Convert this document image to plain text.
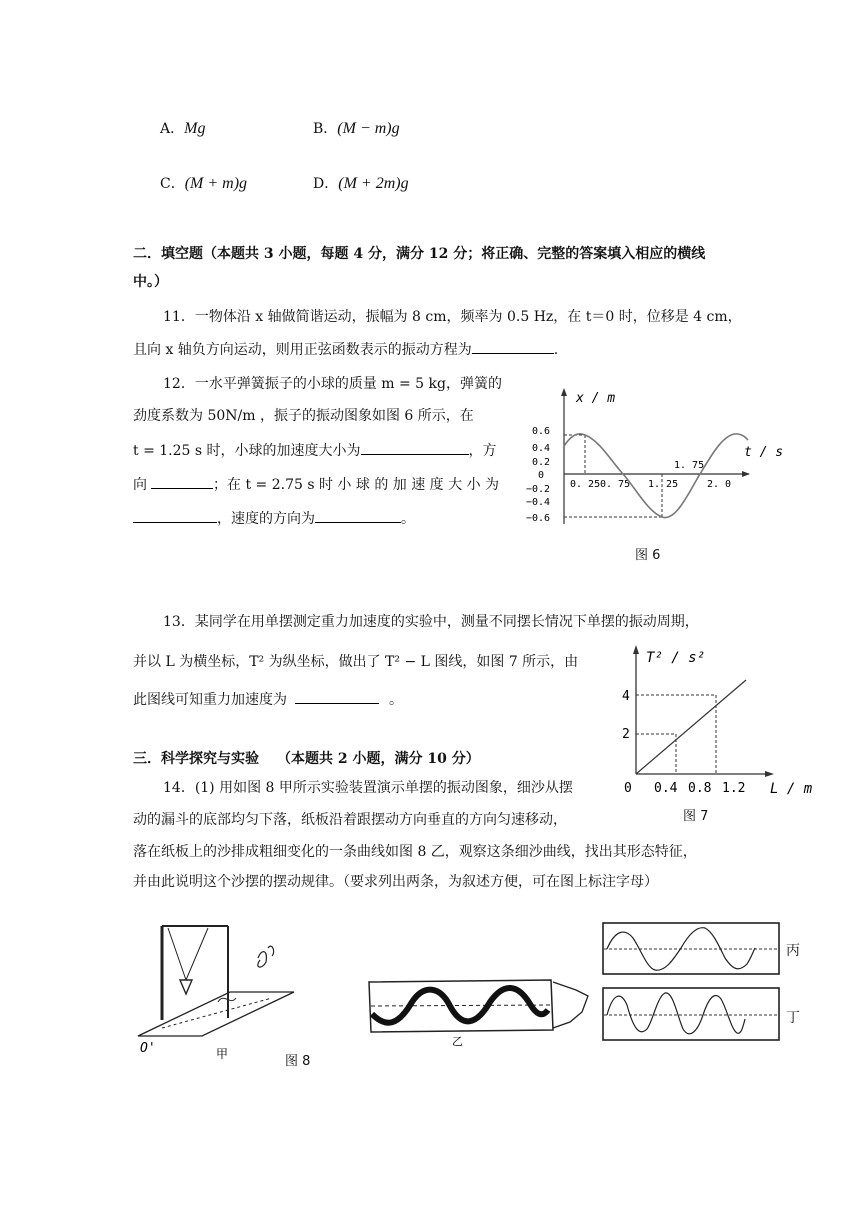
A．Mg	B．(M − m)g
C．(M + m)g	D．(M + 2m)g
二．填空题（本题共 3 小题，每题 4 分，满分 12 分；将正确、完整的答案填入相应的横线
中。）
11．一物体沿 x 轴做简谐运动，振幅为 8 cm，频率为 0.5 Hz，在 t＝0 时，位移是 4 cm，
且向 x 轴负方向运动，则用正弦函数表示的振动方程为	.
12．一水平弹簧振子的小球的质量 m = 5 kg，弹簧的
劲度系数为 50N/m ，振子的振动图象如图 6 所示，在
t = 1.25 s 时，小球的加速度大小为	，方
向	；在 t = 2.75 s 时 小 球 的 加 速 度 大 小 为
，速度的方向为	。
x / m
t / s
0.6
0.4
0.2
0
−0.2
−0.4
−0.6
0. 25 0. 75 1. 25
1. 75
2. 0
图 6
13．某同学在用单摆测定重力加速度的实验中，测量不同摆长情况下单摆的振动周期，
并以 L 为横坐标，T² 为纵坐标，做出了 T² − L 图线，如图 7 所示，由
此图线可知重力加速度为	。
T² / s²
L / m
4
2
0 0.4 0.8 1.2
图 7
三．科学探究与实验 （本题共 2 小题，满分 10 分）
14．(1) 用如图 8 甲所示实验装置演示单摆的振动图象，细沙从摆
动的漏斗的底部均匀下落，纸板沿着跟摆动方向垂直的方向匀速移动，
落在纸板上的沙排成粗细变化的一条曲线如图 8 乙，观察这条细沙曲线，找出其形态特征，
并由此说明这个沙摆的摆动规律。（要求列出两条，为叙述方便，可在图上标注字母）
O'	甲	图 8
乙
丙
丁
